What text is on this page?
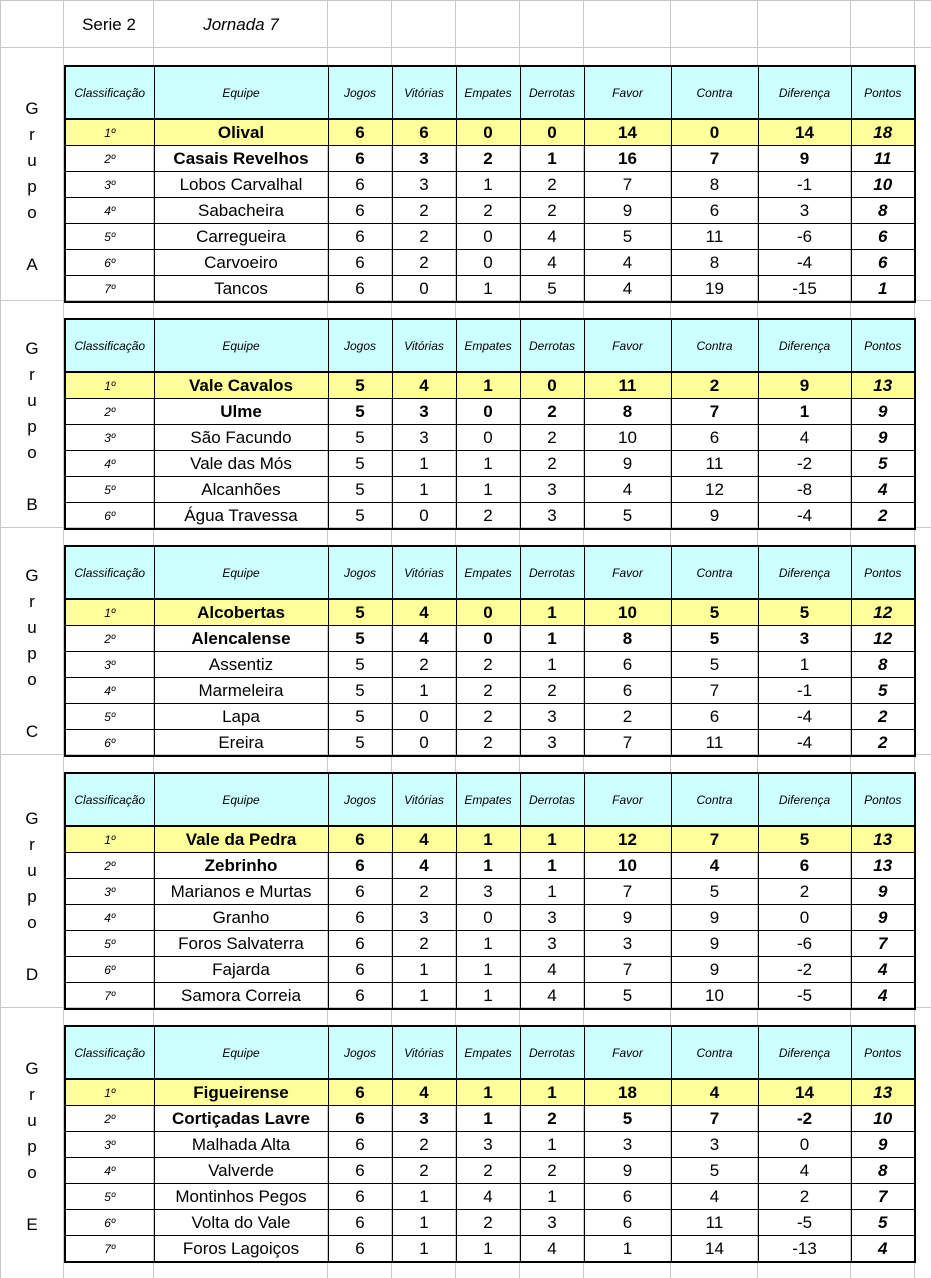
Serie 2	Jornada 7
G
r
u
p
o
A
Classificação	Equipe	Jogos	Vitórias	Empates	Derrotas	Favor	Contra	Diferença	Pontos
1º	Olival	6	6	0	0	14	0	14	18
2º	Casais Revelhos	6	3	2	1	16	7	9	11
3º	Lobos Carvalhal	6	3	1	2	7	8	-1	10
4º	Sabacheira	6	2	2	2	9	6	3	8
5º	Carregueira	6	2	0	4	5	11	-6	6
6º	Carvoeiro	6	2	0	4	4	8	-4	6
7º	Tancos	6	0	1	5	4	19	-15	1
G
r
u
p
o
B
Classificação	Equipe	Jogos	Vitórias	Empates	Derrotas	Favor	Contra	Diferença	Pontos
1º	Vale Cavalos	5	4	1	0	11	2	9	13
2º	Ulme	5	3	0	2	8	7	1	9
3º	São Facundo	5	3	0	2	10	6	4	9
4º	Vale das Mós	5	1	1	2	9	11	-2	5
5º	Alcanhões	5	1	1	3	4	12	-8	4
6º	Água Travessa	5	0	2	3	5	9	-4	2
G
r
u
p
o
C
Classificação	Equipe	Jogos	Vitórias	Empates	Derrotas	Favor	Contra	Diferença	Pontos
1º	Alcobertas	5	4	0	1	10	5	5	12
2º	Alencalense	5	4	0	1	8	5	3	12
3º	Assentiz	5	2	2	1	6	5	1	8
4º	Marmeleira	5	1	2	2	6	7	-1	5
5º	Lapa	5	0	2	3	2	6	-4	2
6º	Ereira	5	0	2	3	7	11	-4	2
G
r
u
p
o
D
Classificação	Equipe	Jogos	Vitórias	Empates	Derrotas	Favor	Contra	Diferença	Pontos
1º	Vale da Pedra	6	4	1	1	12	7	5	13
2º	Zebrinho	6	4	1	1	10	4	6	13
3º	Marianos e Murtas	6	2	3	1	7	5	2	9
4º	Granho	6	3	0	3	9	9	0	9
5º	Foros Salvaterra	6	2	1	3	3	9	-6	7
6º	Fajarda	6	1	1	4	7	9	-2	4
7º	Samora Correia	6	1	1	4	5	10	-5	4
G
r
u
p
o
E
Classificação	Equipe	Jogos	Vitórias	Empates	Derrotas	Favor	Contra	Diferença	Pontos
1º	Figueirense	6	4	1	1	18	4	14	13
2º	Cortiçadas Lavre	6	3	1	2	5	7	-2	10
3º	Malhada Alta	6	2	3	1	3	3	0	9
4º	Valverde	6	2	2	2	9	5	4	8
5º	Montinhos Pegos	6	1	4	1	6	4	2	7
6º	Volta do Vale	6	1	2	3	6	11	-5	5
7º	Foros Lagoiços	6	1	1	4	1	14	-13	4
